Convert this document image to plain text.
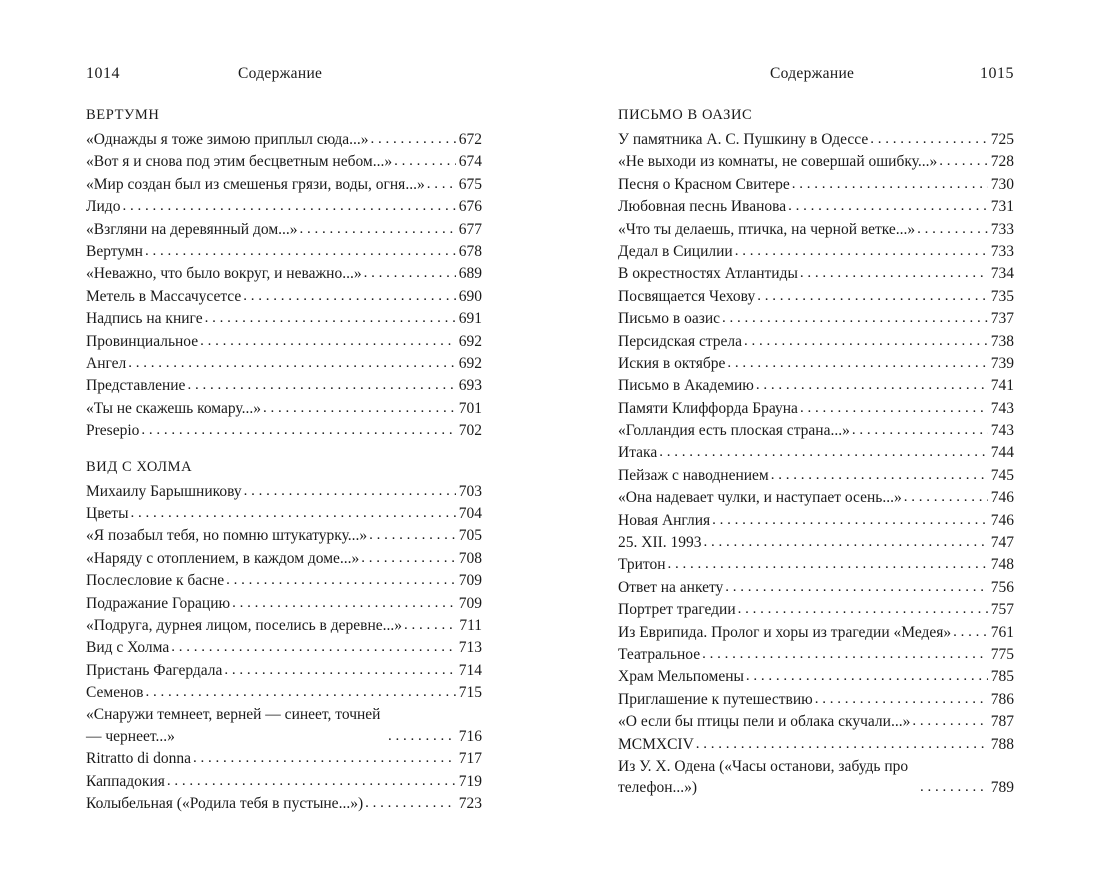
1014	Содержание
ВЕРТУМН
«Однажды я тоже зимою приплыл сюда...» . . .	672
«Вот я и снова под этим бесцветным небом...» . . .	674
«Мир создан был из смешенья грязи, воды, огня...» . . . 675
Лидо . . .	676
«Взгляни на деревянный дом...» . . .	677
Вертумн . . .	678
«Неважно, что было вокруг, и неважно...» . . .	689
Метель в Массачусетсе . . .	690
Надпись на книге . . .	691
Провинциальное . . .	692
Ангел . . .	692
Представление . . .	693
«Ты не скажешь комару...» . . .	701
Presepio . . .	702
ВИД С ХОЛМА
Михаилу Барышникову . . .	703
Цветы . . .	704
«Я позабыл тебя, но помню штукатурку...» . . .	705
«Наряду с отоплением, в каждом доме...» . . .	708
Послесловие к басне . . .	709
Подражание Горацию . . .	709
«Подруга, дурнея лицом, поселись в деревне...» . . .	711
Вид с Холма . . .	713
Пристань Фагердала . . .	714
Семенов . . .	715
«Снаружи темнеет, верней — синеет, точней — чернеет...» . . .	716
Ritratto di donna . . .	717
Каппадокия . . .	719
Колыбельная («Родила тебя в пустыне...») . . .	723
Содержание	1015
ПИСЬМО В ОАЗИС
У памятника А. С. Пушкину в Одессе . . .	725
«Не выходи из комнаты, не совершай ошибку...» . . .	728
Песня о Красном Свитере . . .	730
Любовная песнь Иванова . . .	731
«Что ты делаешь, птичка, на черной ветке...» . . .	733
Дедал в Сицилии . . .	733
В окрестностях Атлантиды . . .	734
Посвящается Чехову . . .	735
Письмо в оазис . . .	737
Персидская стрела . . .	738
Иския в октябре . . .	739
Письмо в Академию . . .	741
Памяти Клиффорда Брауна . . .	743
«Голландия есть плоская страна...» . . .	743
Итака . . .	744
Пейзаж с наводнением . . .	745
«Она надевает чулки, и наступает осень...» . . .	746
Новая Англия . . .	746
25. XII. 1993 . . .	747
Тритон . . .	748
Ответ на анкету . . .	756
Портрет трагедии . . .	757
Из Еврипида. Пролог и хоры из трагедии «Медея» . . .	761
Театральное . . .	775
Храм Мельпомены . . .	785
Приглашение к путешествию . . .	786
«О если бы птицы пели и облака скучали...» . . .	787
MCMXCIV . . .	788
Из У. Х. Одена («Часы останови, забудь про телефон...») . . .	789
